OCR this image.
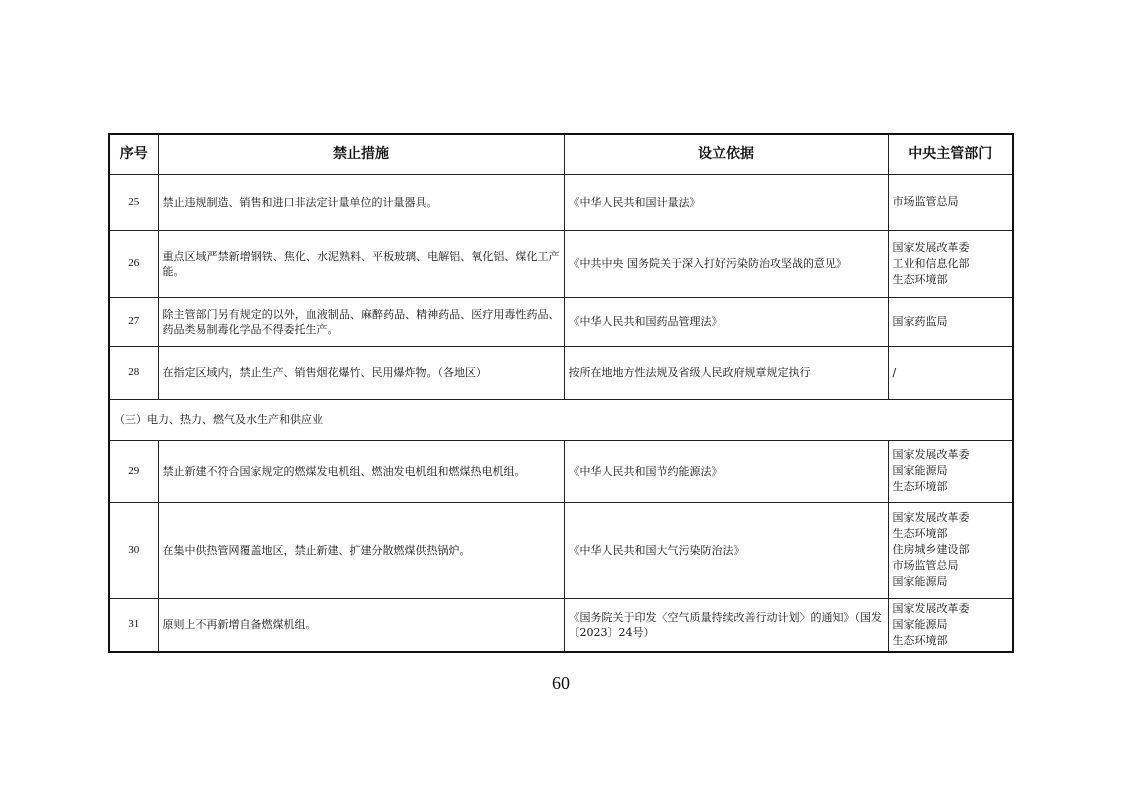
序号	禁止措施	设立依据	中央主管部门
25	禁止违规制造、销售和进口非法定计量单位的计量器具。	《中华人民共和国计量法》	市场监管总局

26	重点区域严禁新增钢铁、焦化、水泥熟料、平板玻璃、电解铝、氧化铝、煤化工产能。	《中共中央 国务院关于深入打好污染防治攻坚战的意见》	国家发展改革委
工业和信息化部
生态环境部

27	除主管部门另有规定的以外，血液制品、麻醉药品、精神药品、医疗用毒性药品、药品类易制毒化学品不得委托生产。	《中华人民共和国药品管理法》	国家药监局

28	在指定区域内，禁止生产、销售烟花爆竹、民用爆炸物。（各地区）	按所在地地方性法规及省级人民政府规章规定执行	/

（三）电力、热力、燃气及水生产和供应业			
29	禁止新建不符合国家规定的燃煤发电机组、燃油发电机组和燃煤热电机组。	《中华人民共和国节约能源法》	国家发展改革委
国家能源局
生态环境部

30	在集中供热管网覆盖地区，禁止新建、扩建分散燃煤供热锅炉。	《中华人民共和国大气污染防治法》	国家发展改革委
生态环境部
住房城乡建设部
市场监管总局
国家能源局

31	原则上不再新增自备燃煤机组。	《国务院关于印发〈空气质量持续改善行动计划〉的通知》（国发〔2023〕24号）	国家发展改革委
国家能源局
生态环境部
60
